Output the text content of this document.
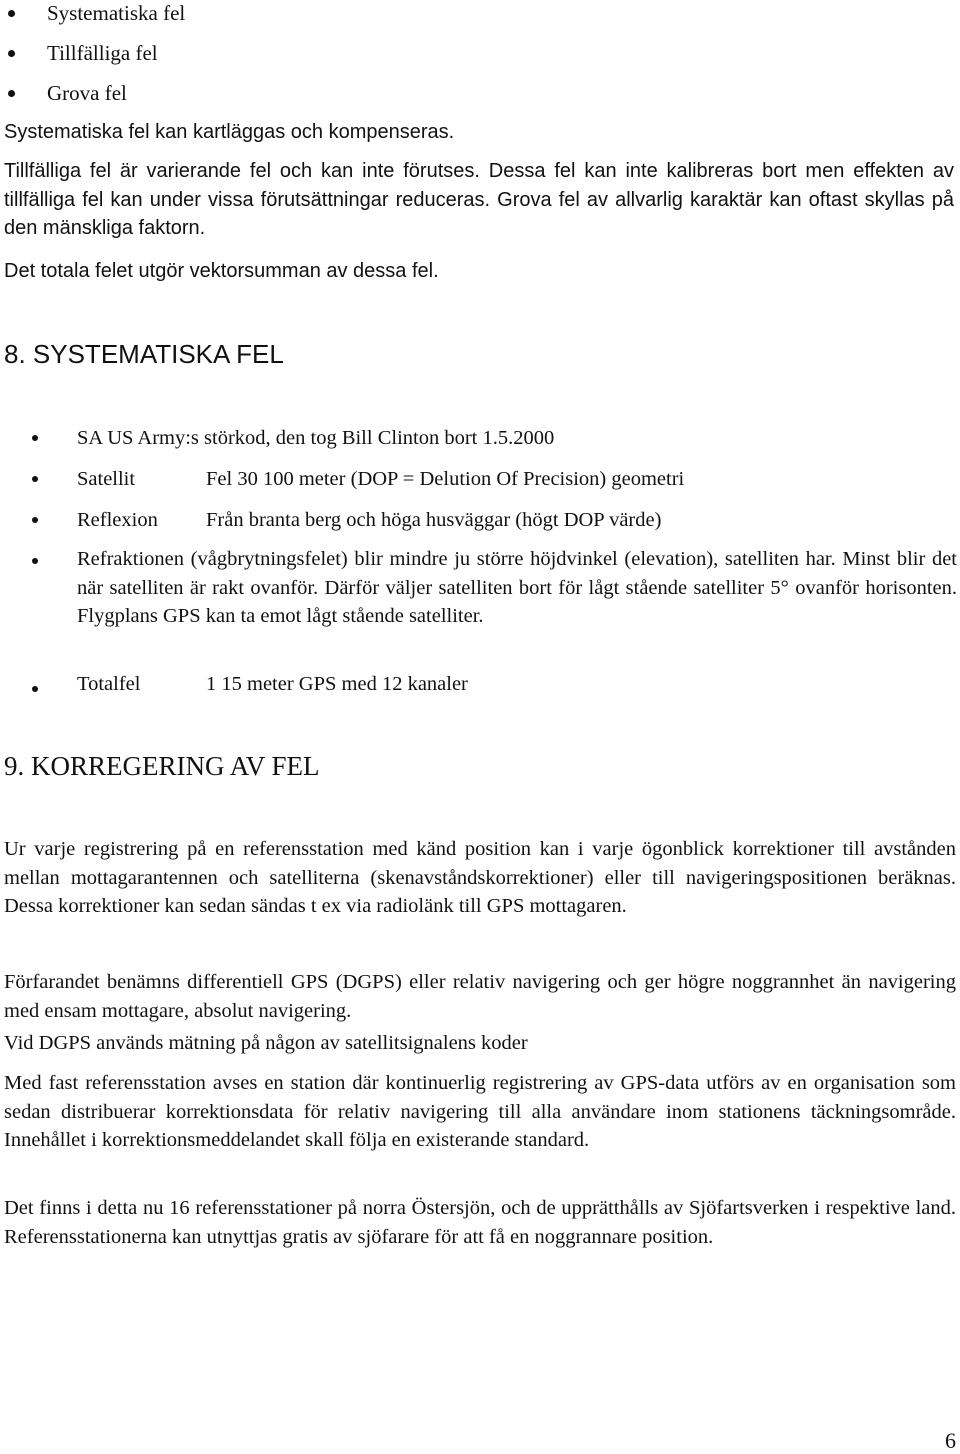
Systematiska fel
Tillfälliga fel
Grova fel
Systematiska fel kan kartläggas och kompenseras.
Tillfälliga fel är varierande fel och kan inte förutses. Dessa fel kan inte kalibreras bort men effekten av tillfälliga fel kan under vissa förutsättningar reduceras. Grova fel av allvarlig karaktär kan oftast skyllas på den mänskliga faktorn.
Det totala felet utgör vektorsumman av dessa fel.
8. SYSTEMATISKA FEL
SA US Army:s störkod, den tog Bill Clinton bort 1.5.2000
Satellit	Fel 30 100 meter (DOP = Delution Of Precision) geometri
Reflexion Från branta berg och höga husväggar (högt DOP värde)
Refraktionen (vågbrytningsfelet) blir mindre ju större höjdvinkel (elevation), satelliten har. Minst blir det när satelliten är rakt ovanför. Därför väljer satelliten bort för lågt stående satelliter 5° ovanför horisonten. Flygplans GPS kan ta emot lågt stående satelliter.
Totalfel	1 15 meter GPS med 12 kanaler
9. KORREGERING AV FEL
Ur varje registrering på en referensstation med känd position kan i varje ögonblick korrektioner till avstånden mellan mottagarantennen och satelliterna (skenavståndskorrektioner) eller till navigeringspositionen beräknas. Dessa korrektioner kan sedan sändas t ex via radiolänk till GPS mottagaren.
Förfarandet benämns differentiell GPS (DGPS) eller relativ navigering och ger högre noggrannhet än navigering med ensam mottagare, absolut navigering.
Vid DGPS används mätning på någon av satellitsignalens koder
Med fast referensstation avses en station där kontinuerlig registrering av GPS-data utförs av en organisation som sedan distribuerar korrektionsdata för relativ navigering till alla användare inom stationens täckningsområde. Innehållet i korrektionsmeddelandet skall följa en existerande standard.
Det finns i detta nu 16 referensstationer på norra Östersjön, och de upprätthålls av Sjöfartsverken i respektive land. Referensstationerna kan utnyttjas gratis av sjöfarare för att få en noggrannare position.
6
